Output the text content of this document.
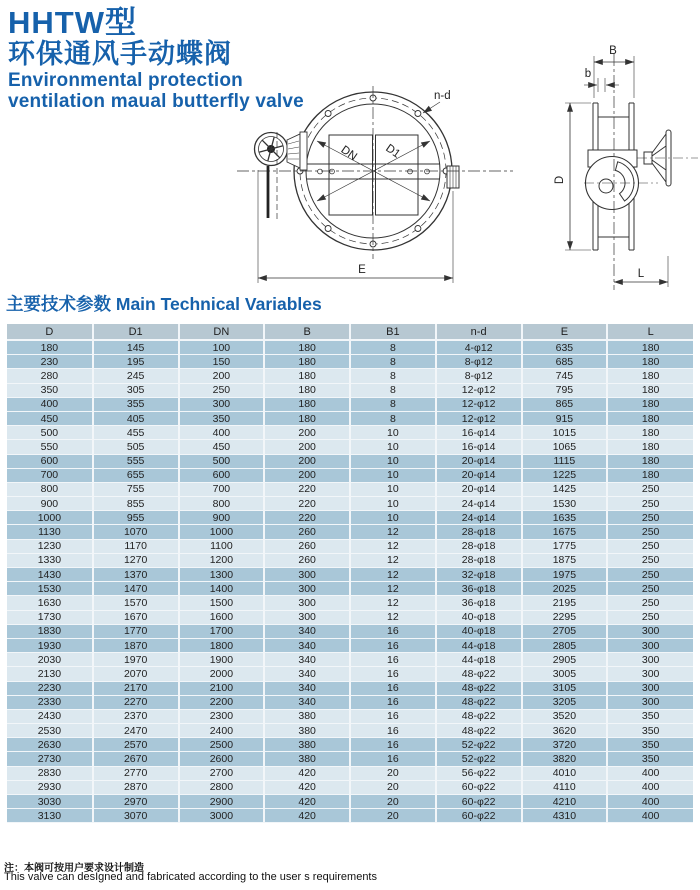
HHTW型
环保通风手动蝶阀
Environmental protection
ventilation maual butterfly valve	n-d
DN D1
E
B
b
D
L
主要技术参数 Main Technical Variables
D	D1	DN	B	B1	n-d	E	L
180	145	100	180	8	4-φ12	635	180
230	195	150	180	8	8-φ12	685	180
280	245	200	180	8	8-φ12	745	180
350	305	250	180	8	12-φ12	795	180
400	355	300	180	8	12-φ12	865	180
450	405	350	180	8	12-φ12	915	180
500	455	400	200	10	16-φ14	1015	180
550	505	450	200	10	16-φ14	1065	180
600	555	500	200	10	20-φ14	1115	180
700	655	600	200	10	20-φ14	1225	180
800	755	700	220	10	20-φ14	1425	250
900	855	800	220	10	24-φ14	1530	250
1000	955	900	220	10	24-φ14	1635	250
1130	1070	1000	260	12	28-φ18	1675	250
1230	1170	1100	260	12	28-φ18	1775	250
1330	1270	1200	260	12	28-φ18	1875	250
1430	1370	1300	300	12	32-φ18	1975	250
1530	1470	1400	300	12	36-φ18	2025	250
1630	1570	1500	300	12	36-φ18	2195	250
1730	1670	1600	300	12	40-φ18	2295	250
1830	1770	1700	340	16	40-φ18	2705	300
1930	1870	1800	340	16	44-φ18	2805	300
2030	1970	1900	340	16	44-φ18	2905	300
2130	2070	2000	340	16	48-φ22	3005	300
2230	2170	2100	340	16	48-φ22	3105	300
2330	2270	2200	340	16	48-φ22	3205	300
2430	2370	2300	380	16	48-φ22	3520	350
2530	2470	2400	380	16	48-φ22	3620	350
2630	2570	2500	380	16	52-φ22	3720	350
2730	2670	2600	380	16	52-φ22	3820	350
2830	2770	2700	420	20	56-φ22	4010	400
2930	2870	2800	420	20	60-φ22	4110	400
3030	2970	2900	420	20	60-φ22	4210	400
3130	3070	3000	420	20	60-φ22	4310	400
注：本阀可按用户要求设计制造
This valve can desIgned and fabricated according to the user s requirements
